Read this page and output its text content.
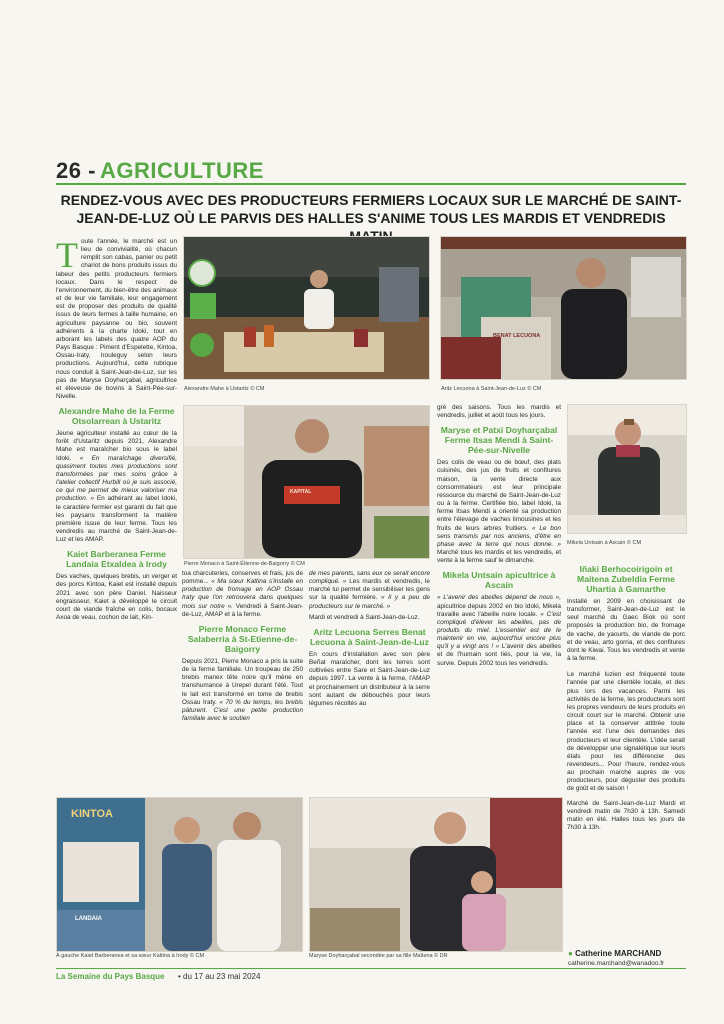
26 - AGRICULTURE
RENDEZ-VOUS AVEC DES PRODUCTEURS FERMIERS LOCAUX SUR LE MARCHÉ DE SAINT-JEAN-DE-LUZ OÙ LE PARVIS DES HALLES S'ANIME TOUS LES MARDIS ET VENDREDIS

Toute l'année, le marché est un lieu de convivialité, où chacun remplit son cabas, panier ou petit chariot de bons produits issus du labeur des petits producteurs fermiers locaux. Dans le respect de l'environnement, du bien-être des animaux et de leur vie familiale, leur engagement est de proposer des produits de qualité issus de leurs fermes à taille humaine, en agriculture paysanne ou bio, souvent adhérents à la charte Idoki, tout en arborant les labels des quatre AOP du Pays Basque : Piment d'Espelette, Kintoa, Ossau-Iraty, Irouleguy selon leurs productions. Aujourd'hui, cette rubrique nous conduit à Saint-Jean-de-Luz, sur les pas de Maryse Doyharçabal, agricultrice et éleveuse de bovins à Saint-Pée-sur-Nivelle.

Alexandre Mahe de la Ferme Otsolarrean à Ustaritz

Jeune agriculteur installé au cœur de la forêt d'Ustaritz depuis 2021, Alexandre Mahe est maraîcher bio sous le label Idoki. « En maraîchage diversifié, quasiment toutes mes productions sont transformées par mes soins grâce à l'atelier collectif Hurbill où je suis associé, ce qui me permet de mieux valoriser ma production. » En adhérant au label Idoki, le caractère fermier est garanti du fait que les paysans transforment la matière première issue de leur ferme. Tous les vendredis au marché de Saint-Jean-de-Luz et les AMAP.

Kaiet Barberanea Ferme Landaia Etxaldea à Irody

Des vaches, quelques brebis, un verger et des porcs Kintoa, Kaiet est installé depuis 2021 avec son père Daniel. Naisseur engraisseur, Kaiet a développé le circuit court de viande fraîche en colis, bocaux Axoa de veau, cochon de lait, Kin-

Alexandre Mahe à Ustaritz © CM
BENAT LECUONA
Aritz Lecuona à Saint-Jean-de-Luz © CM
KAPITAL
Pierre Monaco à Saint-Étienne-de-Baigorry © CM

toa charcuteries, conserves et frais, jus de pomme... « Ma sœur Kattina s'installe en production de fromage en AOP Ossau Iraty que l'on retrouvera dans quelques mois sur notre ». Vendredi à Saint-Jean-de-Luz, AMAP et à la ferme.

Pierre Monaco Ferme Salaberria à St-Etienne-de-Baigorry

Depuis 2021, Pierre Monaco a pris la suite de la ferme familiale. Un troupeau de 250 brebis manex tête noire qu'il mène en transhumance à Urepel durant l'été. Tout le lait est transformé en tome de brebis Ossau Iraty. « 70 % du temps, les brebis pâturent. C'est une petite production familiale avec le soutien

de mes parents, sans eux ce serait encore compliqué. » Les mardis et vendredis, le marché lui permet de sensibiliser les gens sur la qualité fermière. « Il y a peu de producteurs sur le marché. »

Mardi et vendredi à Saint-Jean-de-Luz.

Aritz Lecuona Serres Benat Lecuona à Saint-Jean-de-Luz

En cours d'installation avec son père Beñat maraîcher, dont les terres sont cultivées entre Sare et Saint-Jean-de-Luz depuis 1997. La vente à la ferme, l'AMAP et prochainement un distributeur à la serre sont autant de débouchés pour leurs légumes récoltés au

gré des saisons. Tous les mardis et vendredis, juillet et août tous les jours.

Maryse et Patxi Doyharçabal Ferme Itsas Mendi à Saint-Pée-sur-Nivelle

Des colis de veau ou de bœuf, des plats cuisinés, des jus de fruits et confitures maison, la vente directe aux consommateurs est leur principale ressource du marché de Saint-Jean-de-Luz ou à la ferme. Certifiée bio, label Idoki, la ferme Itsas Mendi a orienté sa production entre l'élevage de vaches limousines et les fruits de leurs arbres fruitiers. « Le bon sens transmis par nos anciens, d'être en phase avec la terre qui nous donne. » Marché tous les mardis et les vendredis, et vente à la ferme sauf le dimanche.

Mikela Untsain apicultrice à Ascain

« L'avenir des abeilles dépend de nous », apicultrice depuis 2002 en bio Idoki, Mikela travaille avec l'abeille noire locale. « C'est compliqué d'élever les abeilles, pas de produits du miel. L'essentiel est de le maintenir en vie, aujourd'hui encore plus qu'il y a vingt ans ! » L'avenir des abeilles et de l'humain sont liés, pour la vie, la survie. Depuis 2002 tous les vendredis.

Mikela Untsain à Ascain © CM
Iñaki Berhocoirigoin et Maitena Zubeldia Ferme Uhartia à Gamarthe

Installé en 2009 en choisissant de transformer, Saint-Jean-de-Luz est le seul marché du Gaec Biok où sont proposés la production bio, de fromage de vache, de yaourts, de viande de porc et de veau, arto gorria, et des confitures dont le Kiwai. Tous les vendredis et vente à la ferme.

Le marché luzien est fréquenté toute l'année par une clientèle locale, et des plus lors des vacances. Parmi les activités de la ferme, les producteurs sont les propres vendeurs de leurs produits en circuit court sur le marché. Obtenir une place et la conserver attitrée toute l'année est l'une des demandes des producteurs et leur clientèle. L'idée serait de développer une signalétique sur leurs étals pour les différencier des revendeurs... Pour l'heure, rendez-vous au prochain marché auprès de vos producteurs, pour déguster des produits de goût et de saison !

Marché de Saint-Jean-de-Luz Mardi et vendredi matin de 7h30 à 13h. Samedi matin en été. Halles tous les jours de 7h30 à 13h.

KINTOA
LANDAIA
À gauche Kaiet Barberanea et sa sœur Kattina à Irody © CM	Maryse Doyharçabal secondée par sa fille Maïlena © DR	● Catherine MARCHAND
catherine.marchand@wanadoo.fr
La Semaine du Pays Basque • du 17 au 23 mai 2024
